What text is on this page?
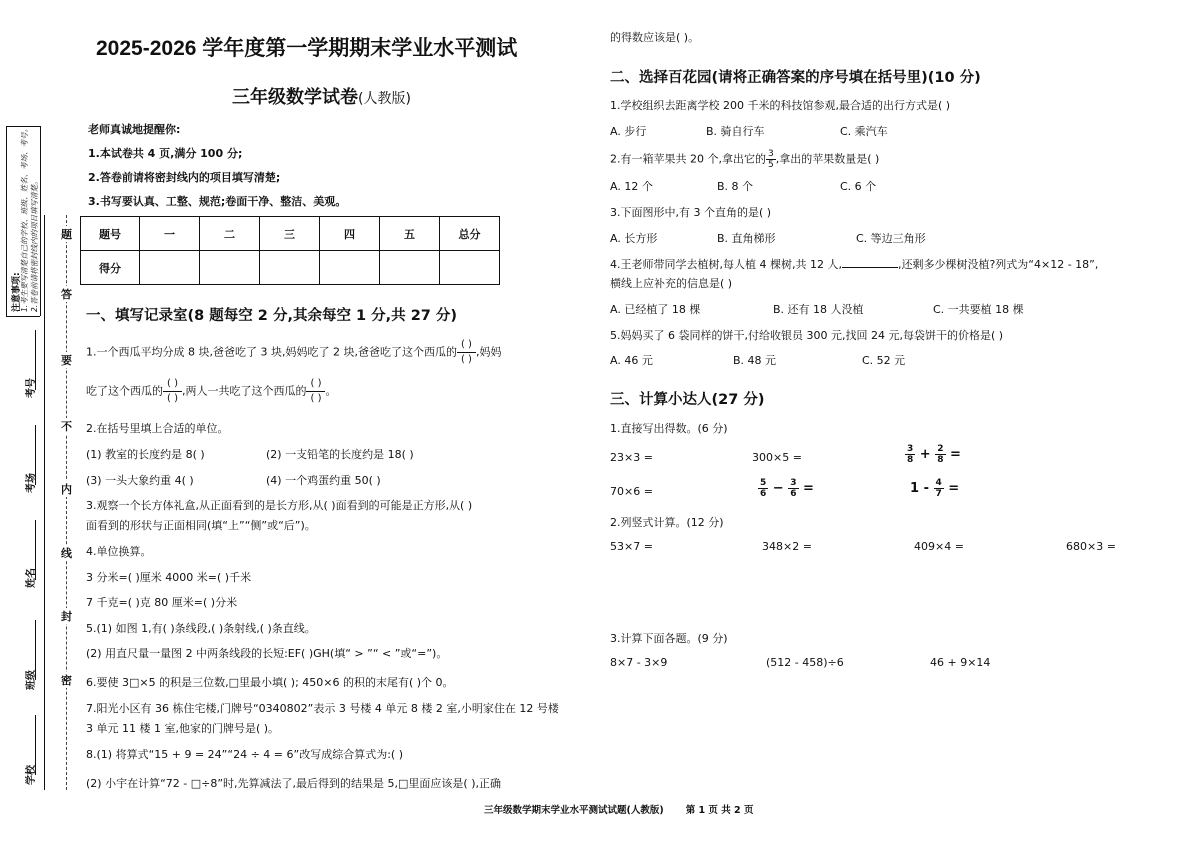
注意事项:
1.考生要写清楚自己的学校、班级、姓名、考场、考号。 2.答卷前请将密封线内的项目填写清楚。 题
答
要
不
内
线
封
密
考号
考场
姓名
班级
学校
2025-2026 学年度第一学期期末学业水平测试
三年级数学试卷(人教版)
老师真诚地提醒你:
1.本试卷共 4 页,满分 100 分;
2.答卷前请将密封线内的项目填写清楚;
3.书写要认真、工整、规范;卷面干净、整洁、美观。
题号	一	二	三	四	五	总分
得分						
一、填写记录室(8 题每空 2 分,其余每空 1 分,共 27 分)
1.一个西瓜平均分成 8 块,爸爸吃了 3 块,妈妈吃了 2 块,爸爸吃了这个西瓜的 $\frac{( )}{( )}$ ,妈妈
吃了这个西瓜的 $\frac{( )}{( )}$ ,两人一共吃了这个西瓜的 $\frac{( )}{( )}$ 。
2.在括号里填上合适的单位。
(1) 教室的长度约是 8( )	(2) 一支铅笔的长度约是 18( )
(3) 一头大象约重 4( )	(4) 一个鸡蛋约重 50( )
3.观察一个长方体礼盒,从正面看到的是长方形,从( )面看到的可能是正方形,从( )
面看到的形状与正面相同(填“上”“侧”或“后”)。
4.单位换算。
3 分米=( )厘米 4000 米=( )千米
7 千克=( )克 80 厘米=( )分米
5.(1) 如图 1,有( )条线段,( )条射线,( )条直线。
(2) 用直尺量一量图 2 中两条线段的长短:EF( )GH(填“ > ”“ < ”或“=”)。
6.要使 3□×5 的积是三位数,□里最小填( ); 450×6 的积的末尾有( )个 0。
7.阳光小区有 36 栋住宅楼,门牌号“0340802”表示 3 号楼 4 单元 8 楼 2 室,小明家住在 12 号楼
3 单元 11 楼 1 室,他家的门牌号是( )。
8.(1) 将算式“15 + 9 = 24”“24 ÷ 4 = 6”改写成综合算式为:( )
(2) 小宇在计算“72 - □÷8”时,先算减法了,最后得到的结果是 5,□里面应该是( ),正确
的得数应该是( )。
二、选择百花园(请将正确答案的序号填在括号里)(10 分)
1.学校组织去距离学校 200 千米的科技馆参观,最合适的出行方式是( )
A. 步行	B. 骑自行车	C. 乘汽车
2.有一箱苹果共 20 个,拿出它的 $\frac{3}{5}$ ,拿出的苹果数量是( )
A. 12 个	B. 8 个	C. 6 个
3.下面图形中,有 3 个直角的是( )
A. 长方形	B. 直角梯形	C. 等边三角形
4.王老师带同学去植树,每人植 4 棵树,共 12 人,	,还剩多少棵树没植?列式为“4×12 - 18”,
横线上应补充的信息是( )
A. 已经植了 18 棵	B. 还有 18 人没植	C. 一共要植 18 棵
5.妈妈买了 6 袋同样的饼干,付给收银员 300 元,找回 24 元,每袋饼干的价格是( )
A. 46 元	B. 48 元	C. 52 元
三、计算小达人(27 分)
1.直接写出得数。(6 分)
23×3 =	300×5 =	$\frac{3}{8} + \frac{2}{8}$ =
70×6 =	$\frac{5}{6} - \frac{3}{6}$ =	$1 - \frac{4}{7}$ =
2.列竖式计算。(12 分)
53×7 =	348×2 =	409×4 =	680×3 =
3.计算下面各题。(9 分)
8×7 - 3×9	(512 - 458)÷6	46 + 9×14
三年级数学期末学业水平测试试题(人教版) 第 1 页 共 2 页
